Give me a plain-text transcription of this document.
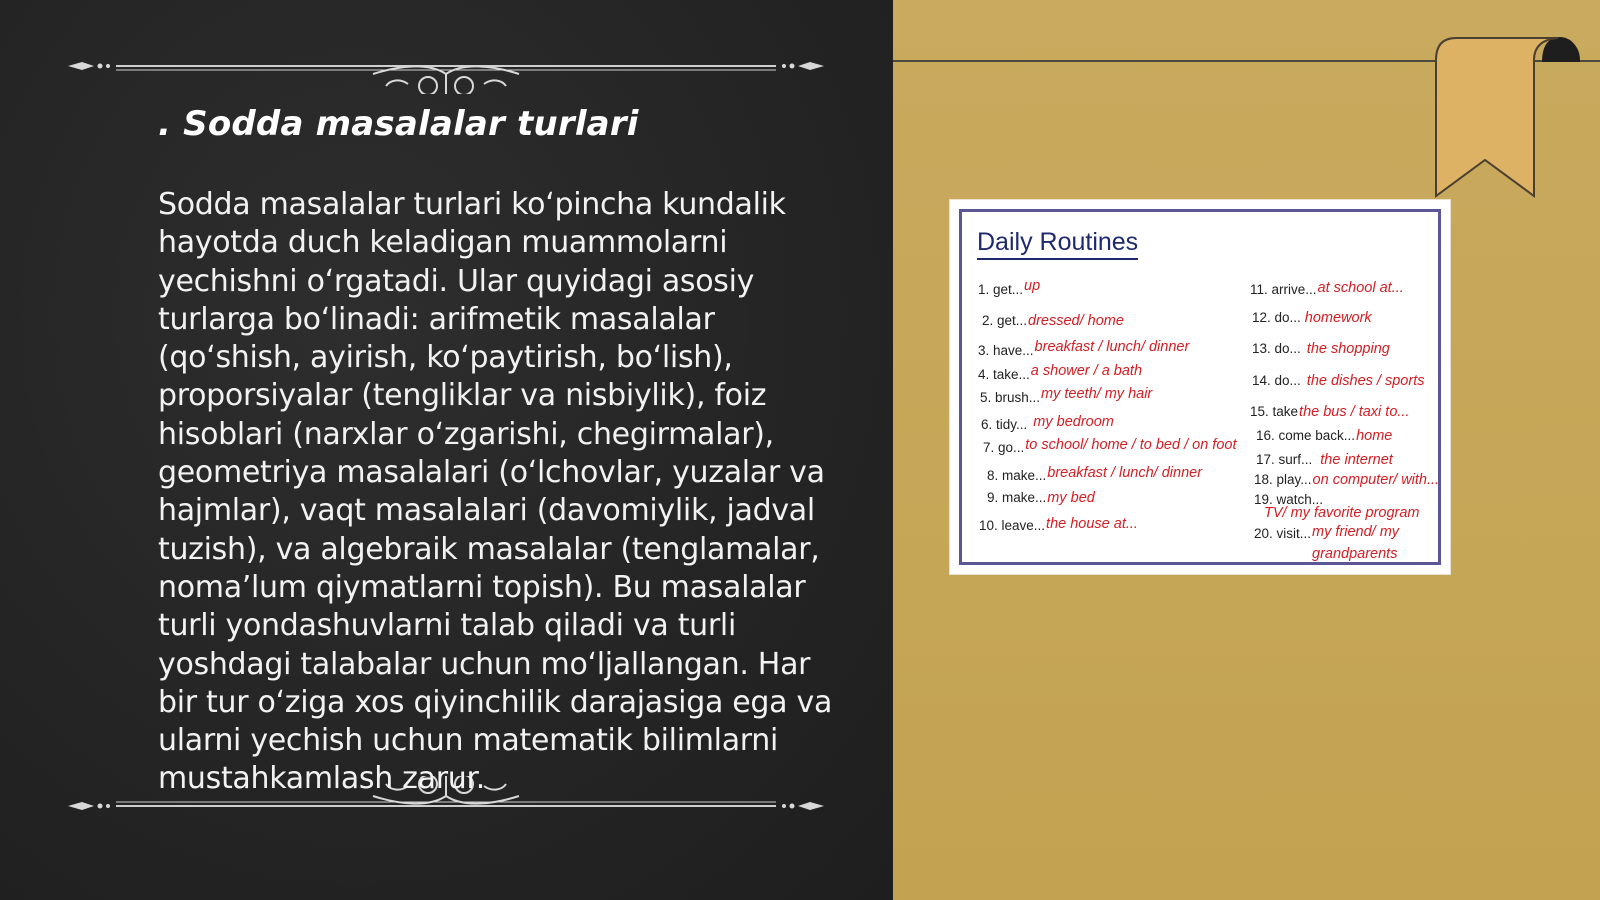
. Sodda masalalar turlari

Sodda masalalar turlari koʻpincha kundalik hayotda duch keladigan muammolarni yechishni oʻrgatadi. Ular quyidagi asosiy turlarga boʻlinadi: arifmetik masalalar (qoʻshish, ayirish, koʻpaytirish, boʻlish), proporsiyalar (tengliklar va nisbiylik), foiz hisoblari (narxlar oʻzgarishi, chegirmalar), geometriya masalalari (oʻlchovlar, yuzalar va hajmlar), vaqt masalalari (davomiylik, jadval tuzish), va algebraik masalalar (tenglamalar, nomaʼlum qiymatlarni topish). Bu masalalar turli yondashuvlarni talab qiladi va turli yoshdagi talabalar uchun moʻljallangan. Har bir tur oʻziga xos qiyinchilik darajasiga ega va ularni yechish uchun matematik bilimlarni mustahkamlash zarur.

Daily Routines
1. get...up
2. get...dressed/ home
3. have...breakfast / lunch/ dinner
4. take...a shower / a bath
5. brush...my teeth/ my hair
6. tidy... my bedroom
7. go...to school/ home / to bed / on foot
8. make...breakfast / lunch/ dinner
9. make...my bed
10. leave...the house at...
11. arrive...at school at...
12. do... homework
13. do... the shopping
14. do... the dishes / sports
15. takethe bus / taxi to...
16. come back...home
17. surf... the internet
18. play...on computer/ with...
19. watch...
TV/ my favorite program
20. visit...my friend/ my
grandparents
